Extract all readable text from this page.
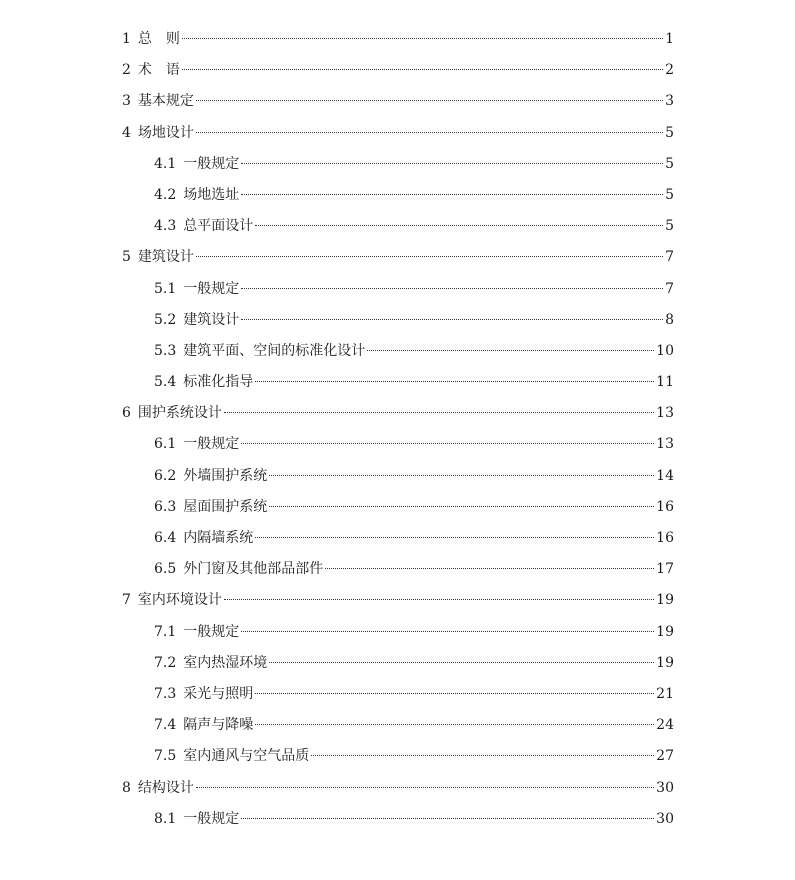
1 总　则	1
2 术　语	2
3 基本规定	3
4 场地设计	5
4.1 一般规定	5
4.2 场地选址	5
4.3 总平面设计	5
5 建筑设计	7
5.1 一般规定	7
5.2 建筑设计	8
5.3 建筑平面、空间的标准化设计	10
5.4 标准化指导	11
6 围护系统设计	13
6.1 一般规定	13
6.2 外墙围护系统	14
6.3 屋面围护系统	16
6.4 内隔墙系统	16
6.5 外门窗及其他部品部件	17
7 室内环境设计	19
7.1 一般规定	19
7.2 室内热湿环境	19
7.3 采光与照明	21
7.4 隔声与降噪	24
7.5 室内通风与空气品质	27
8 结构设计	30
8.1 一般规定	30
